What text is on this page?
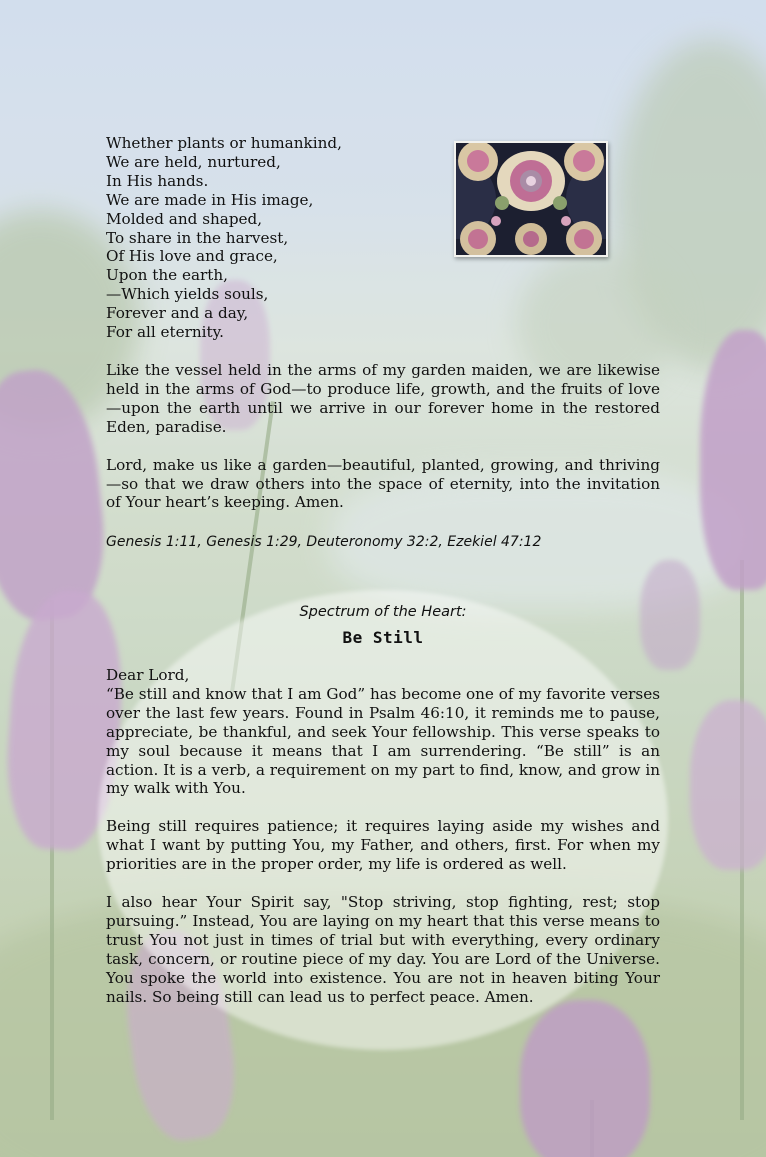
Whether plants or humankind,
We are held, nurtured,
In His hands.
We are made in His image,
Molded and shaped,
To share in the harvest,
Of His love and grace,
Upon the earth,
—Which yields souls,
Forever and a day,
For all eternity.

Like the vessel held in the arms of my garden maiden, we are likewise held in the arms of God—to produce life, growth, and the fruits of love—upon the earth until we arrive in our forever home in the restored Eden, paradise.

Lord, make us like a garden—beautiful, planted, growing, and thriving—so that we draw others into the space of eternity, into the invitation of Your heart’s keeping. Amen.

Genesis 1:11, Genesis 1:29, Deuteronomy 32:2, Ezekiel 47:12
Spectrum of the Heart:
Be Still
Dear Lord,
“Be still and know that I am God” has become one of my favorite verses over the last few years. Found in Psalm 46:10, it reminds me to pause, appreciate, be thankful, and seek Your fellowship. This verse speaks to my soul because it means that I am surrendering. “Be still” is an action. It is a verb, a requirement on my part to find, know, and grow in my walk with You.
Being still requires patience; it requires laying aside my wishes and what I want by putting You, my Father, and others, first. For when my priorities are in the proper order, my life is ordered as well.
I also hear Your Spirit say, "Stop striving, stop fighting, rest; stop pursuing.” Instead, You are laying on my heart that this verse means to trust You not just in times of trial but with everything, every ordinary task, concern, or routine piece of my day. You are Lord of the Universe. You spoke the world into existence. You are not in heaven biting Your nails. So being still can lead us to perfect peace. Amen.
